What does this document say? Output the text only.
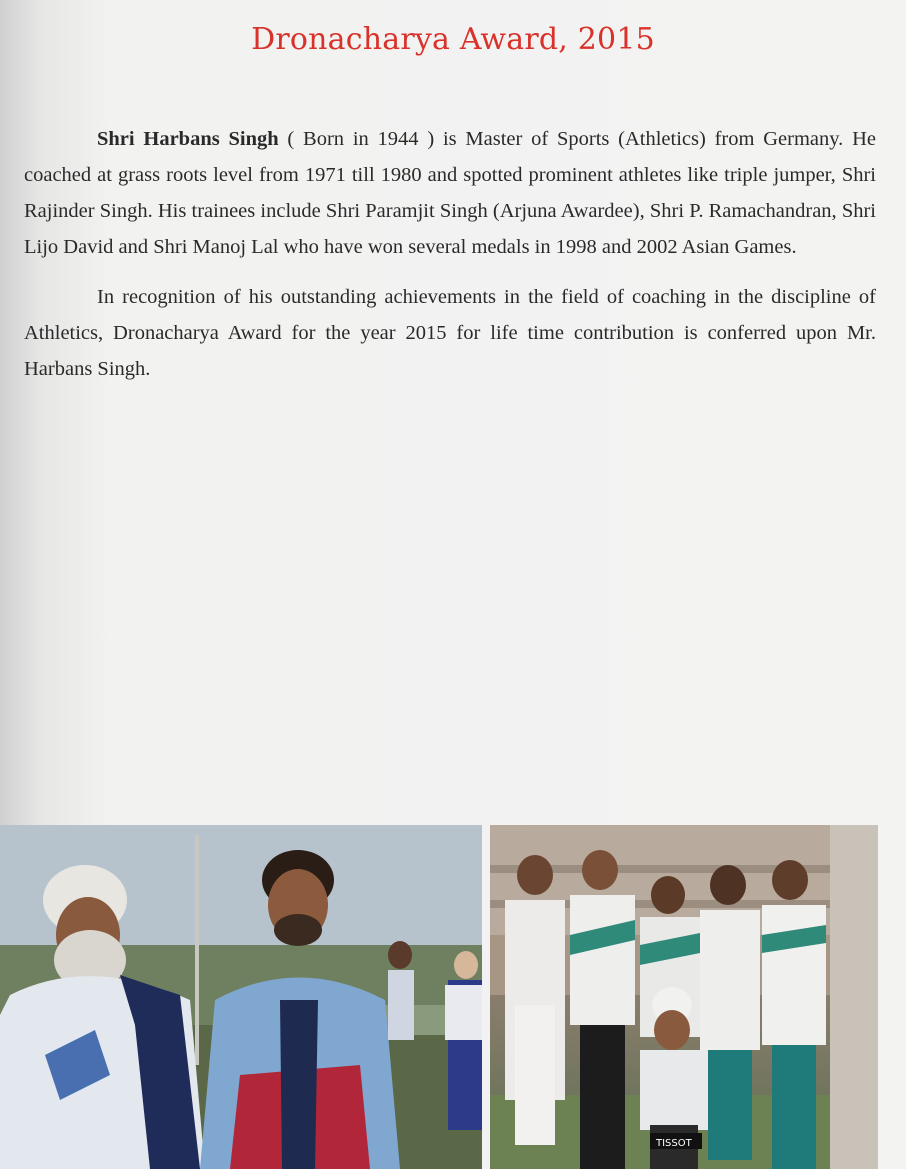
Dronacharya Award, 2015

Shri Harbans Singh ( Born in 1944 ) is Master of Sports (Athletics) from Germany. He coached at grass roots level from 1971 till 1980 and spotted prominent athletes like triple jumper, Shri Rajinder Singh. His trainees include Shri Paramjit Singh (Arjuna Awardee), Shri P. Ramachandran, Shri Lijo David and Shri Manoj Lal who have won several medals in 1998 and 2002 Asian Games.

In recognition of his outstanding achievements in the field of coaching in the discipline of Athletics, Dronacharya Award for the year 2015 for life time contribution is conferred upon Mr. Harbans Singh.

TISSOT
